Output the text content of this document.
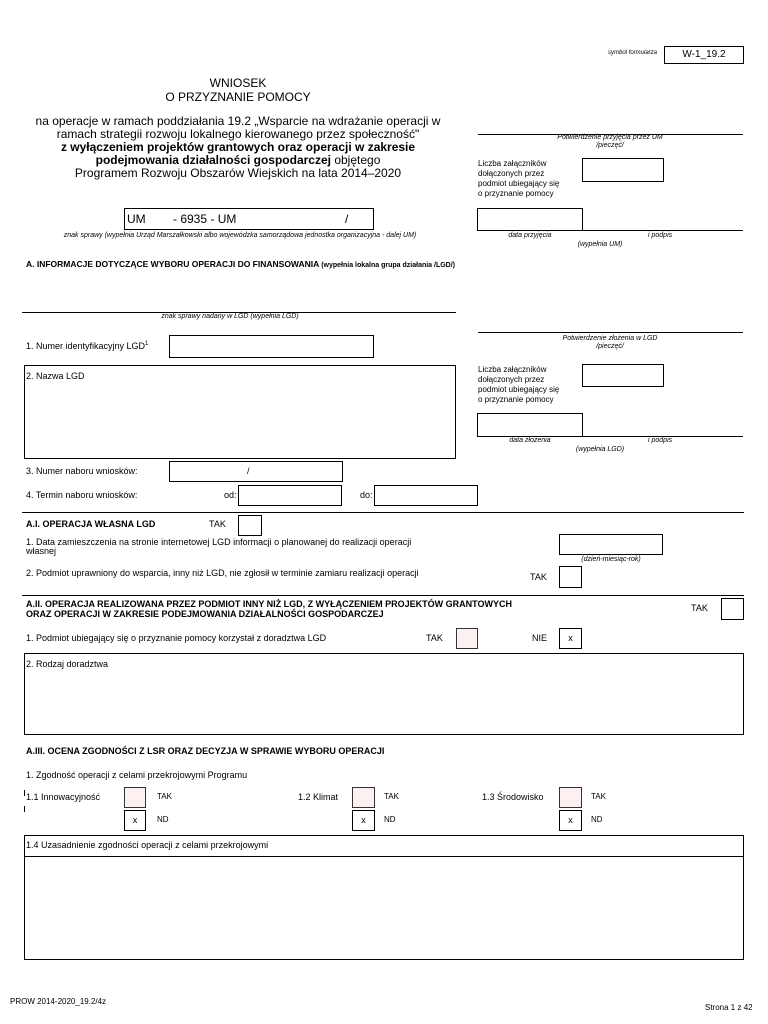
symbol formularza	W-1_19.2
WNIOSEK
O PRZYZNANIE POMOCY
na operacje w ramach poddziałania 19.2 „Wsparcie na wdrażanie operacji w
ramach strategii rozwoju lokalnego kierowanego przez społeczność"
z wyłączeniem projektów grantowych oraz operacji w zakresie
podejmowania działalności gospodarczej objętego
Programem Rozwoju Obszarów Wiejskich na lata 2014–2020
Potwierdzenie przyjęcia przez UM
/pieczęć/
Liczba załączników
dołączonych przez
podmiot ubiegający się
o przyznanie pomocy
data przyjęcia	i podpis
(wypełnia UM)
UM - 6935 - UM	/
znak sprawy (wypełnia Urząd Marszałkowski albo wojewódzka samorządowa jednostka organizacyjna - dalej UM)
A. INFORMACJE DOTYCZĄCE WYBORU OPERACJI DO FINANSOWANIA (wypełnia lokalna grupa działania /LGD/)
znak sprawy nadany w LGD (wypełnia LGD)
1. Numer identyfikacyjny LGD$^1$
2. Nazwa LGD
Potwierdzenie złożenia w LGD
/pieczęć/
Liczba załączników
dołączonych przez
podmiot ubiegający się
o przyznanie pomocy
data złożenia	i podpis
(wypełnia LGD)
3. Numer naboru wniosków:	/
4. Termin naboru wniosków:	od:	do:
A.I. OPERACJA WŁASNA LGD	TAK
1. Data zamieszczenia na stronie internetowej LGD informacji o planowanej do realizacji operacji
własnej
(dzień-miesiąc-rok)
2. Podmiot uprawniony do wsparcia, inny niż LGD, nie zgłosił w terminie zamiaru realizacji operacji	TAK
A.II. OPERACJA REALIZOWANA PRZEZ PODMIOT INNY NIŻ LGD, Z WYŁĄCZENIEM PROJEKTÓW GRANTOWYCH
ORAZ OPERACJI W ZAKRESIE PODEJMOWANIA DZIAŁALNOŚCI GOSPODARCZEJ
TAK
1. Podmiot ubiegający się o przyznanie pomocy korzystał z doradztwa LGD	TAK	NIE	x
2. Rodzaj doradztwa
A.III. OCENA ZGODNOŚCI Z LSR ORAZ DECYZJA W SPRAWIE WYBORU OPERACJI
1. Zgodność operacji z celami przekrojowymi Programu
1.1 Innowacyjność	TAK
x	ND
1.2 Klimat	TAK
x	ND
1.3 Środowisko	TAK
x	ND
1.4 Uzasadnienie zgodności operacji z celami przekrojowymi
PROW 2014-2020_19.2/4z
Strona 1 z 42
